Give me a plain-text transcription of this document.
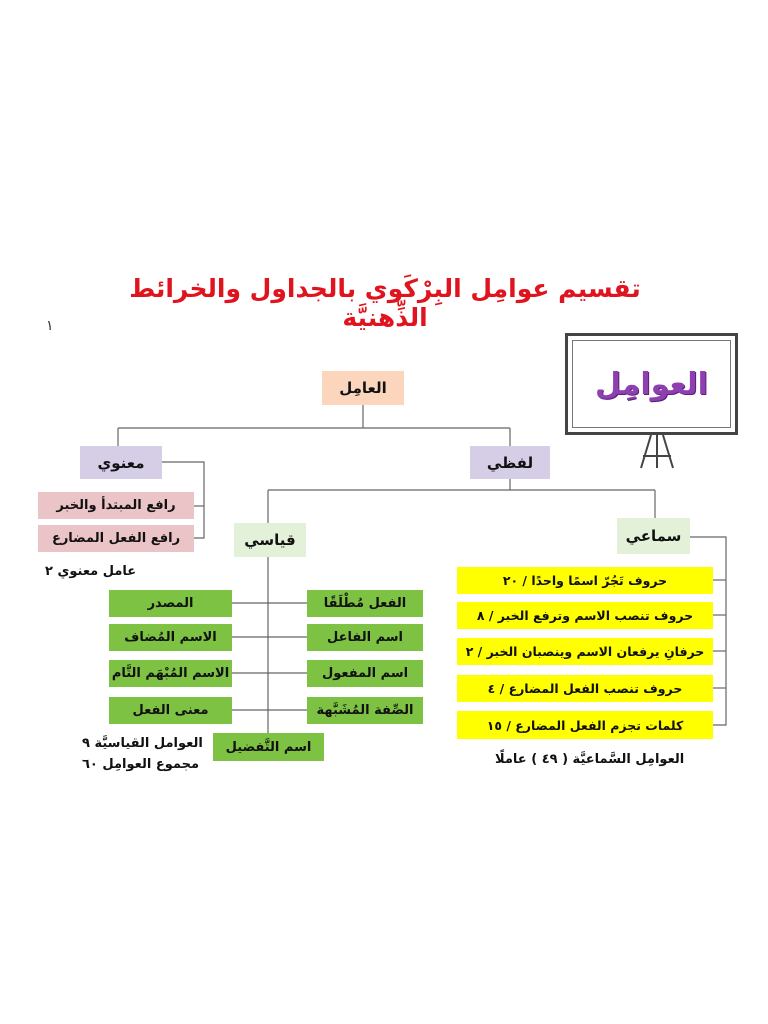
تقسيم عوامِل البِرْكَوي بالجداول والخرائط الذِّهنيَّة
١
العوامِل
العامِل
معنوي	لفظي
رافع المبتدأ والخبر
رافع الفعل المضارع
عامل معنوي ٢
قياسي	سماعي
الفعل مُطْلَقًا
اسم الفاعل
اسم المفعول
الصِّفة المُشَبَّهة
المصدر
الاسم المُضاف
الاسم المُبْهَم التَّام
معنى الفعل
اسم التَّفضيل
العوامل القياسيَّة ٩
مجموع العوامِل ٦٠
حروف تَجُرّ اسمًا واحدًا / ٢٠
حروف تنصب الاسم وترفع الخبر / ٨
حرفانِ يرفعان الاسم وينصبان الخبر / ٢
حروف تنصب الفعل المضارع / ٤
كلمات تجزم الفعل المضارع / ١٥
العوامِل السَّماعيَّة ( ٤٩ ) عاملًا
